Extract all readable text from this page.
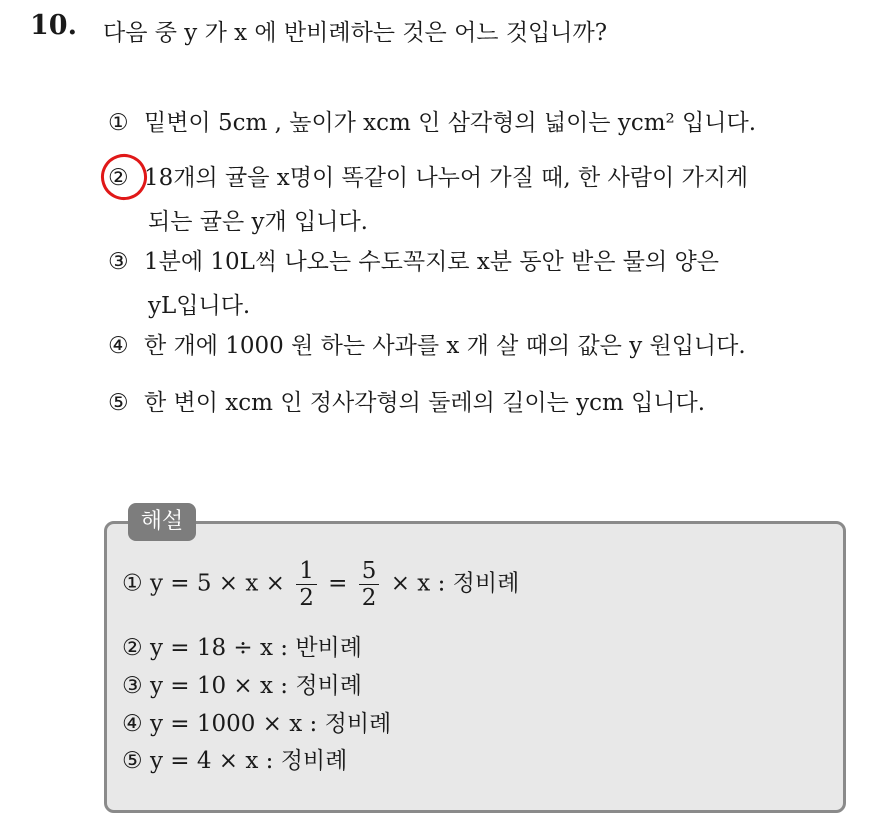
10. 다음 중 y 가 x 에 반비례하는 것은 어느 것입니까?
① 밑변이 5cm , 높이가 xcm 인 삼각형의 넓이는 ycm² 입니다.
② 18개의 귤을 x명이 똑같이 나누어 가질 때, 한 사람이 가지게
되는 귤은 y개 입니다.
③ 1분에 10L씩 나오는 수도꼭지로 x분 동안 받은 물의 양은
yL입니다.
④ 한 개에 1000 원 하는 사과를 x 개 살 때의 값은 y 원입니다.
⑤ 한 변이 xcm 인 정사각형의 둘레의 길이는 ycm 입니다.
해설
① $y = 5 \times x \times \frac{1}{2} = \frac{5}{2} \times x$ : 정비례
② y = 18 ÷ x : 반비례
③ y = 10 × x : 정비례
④ y = 1000 × x : 정비례
⑤ y = 4 × x : 정비례
